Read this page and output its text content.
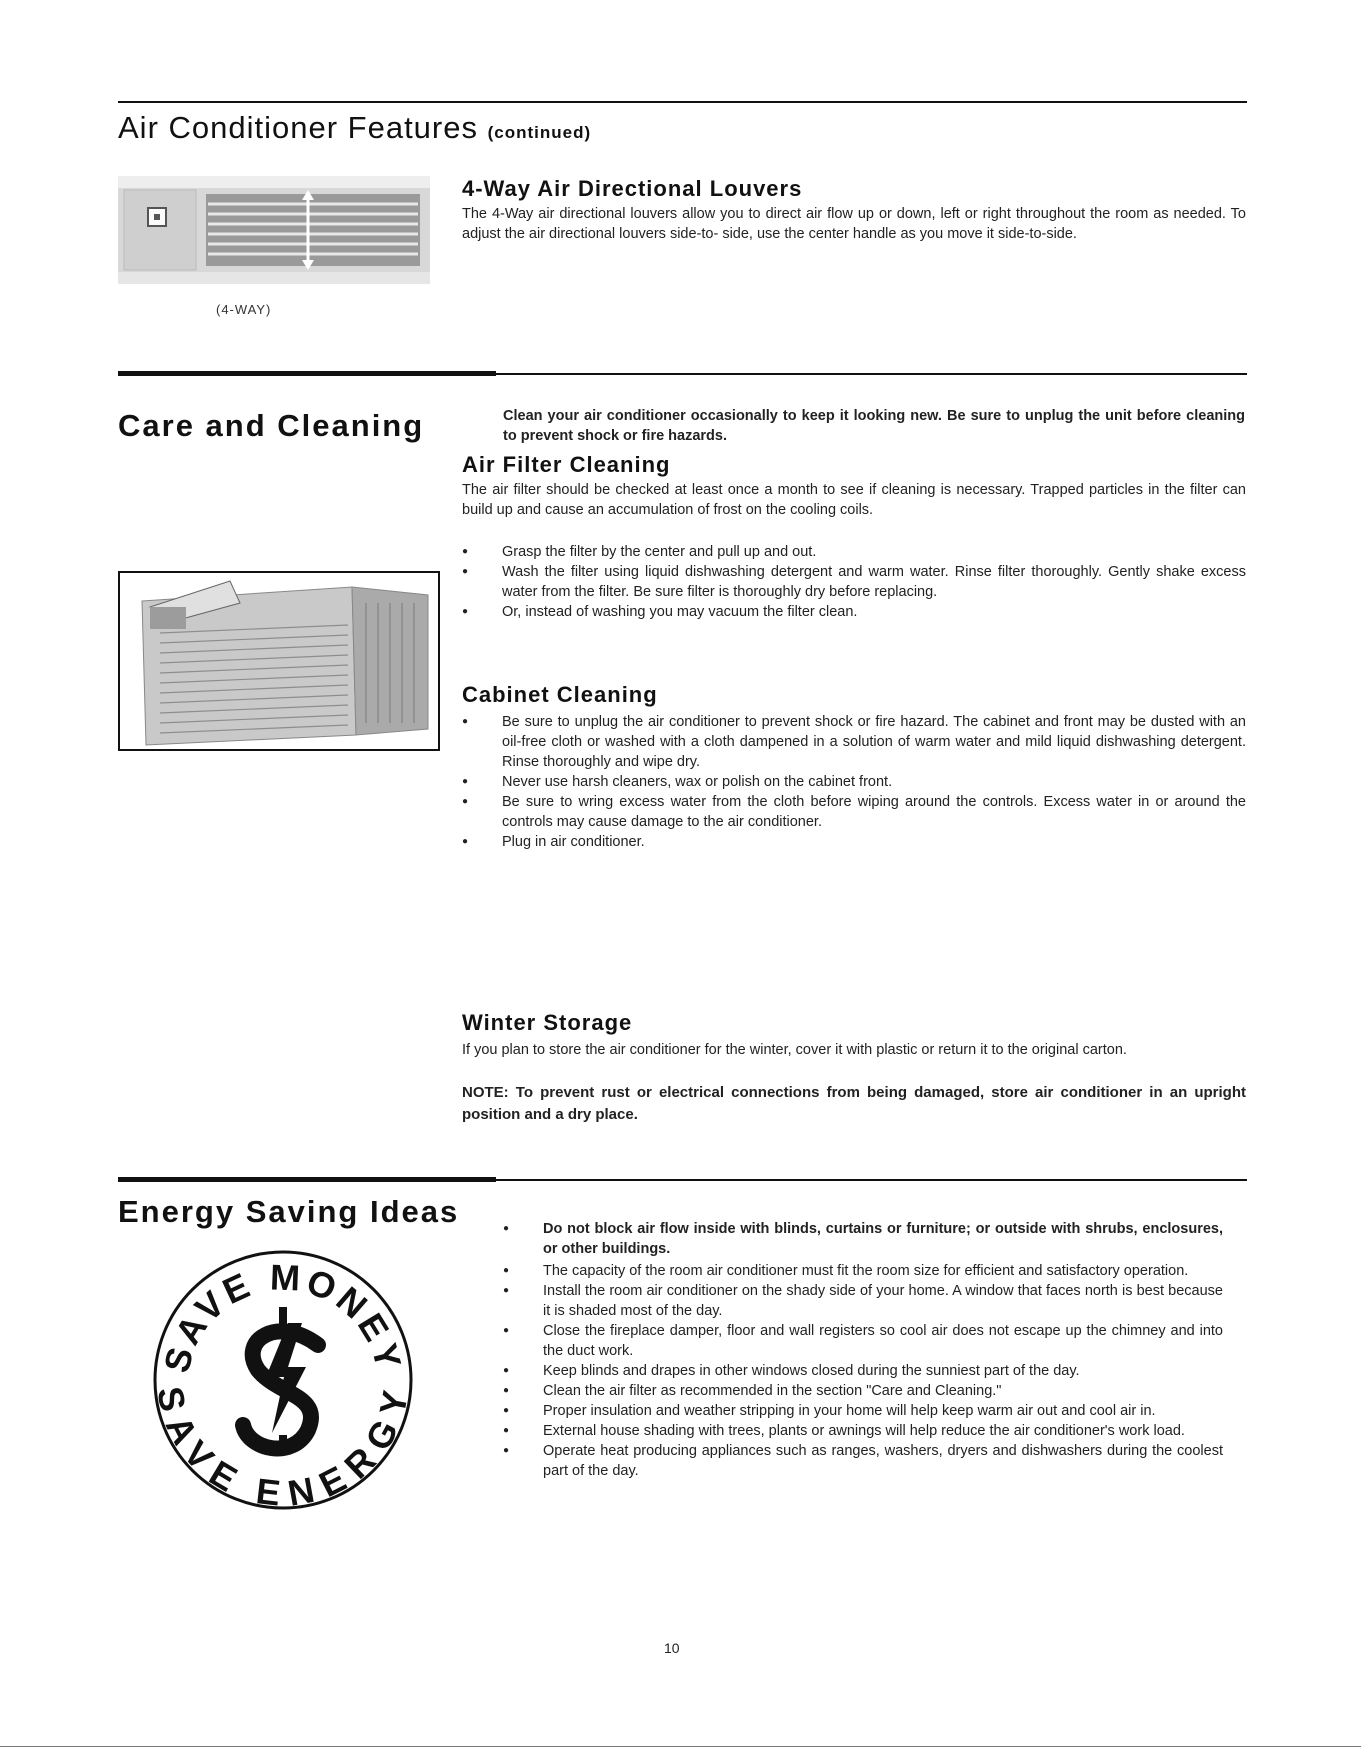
Air Conditioner Features (continued)
(4-WAY)
4-Way Air Directional Louvers
The 4-Way air directional louvers allow you to direct air flow up or down, left or right throughout the room as needed. To adjust the air directional louvers side-to- side, use the center handle as you move it side-to-side.
Care and Cleaning	Clean your air conditioner occasionally to keep it looking new. Be sure to unplug the unit before cleaning to prevent shock or fire hazards.
Air Filter Cleaning
The air filter should be checked at least once a month to see if cleaning is necessary. Trapped particles in the filter can build up and cause an accumulation of frost on the cooling coils.
● Grasp the filter by the center and pull up and out.
● Wash the filter using liquid dishwashing detergent and warm water. Rinse filter thoroughly. Gently shake excess water from the filter. Be sure filter is thoroughly dry before replacing.
● Or, instead of washing you may vacuum the filter clean.
Cabinet Cleaning
● Be sure to unplug the air conditioner to prevent shock or fire hazard. The cabinet and front may be dusted with an oil-free cloth or washed with a cloth dampened in a solution of warm water and mild liquid dishwashing detergent. Rinse thoroughly and wipe dry.
● Never use harsh cleaners, wax or polish on the cabinet front.
● Be sure to wring excess water from the cloth before wiping around the controls. Excess water in or around the controls may cause damage to the air conditioner.
● Plug in air conditioner.
Winter Storage
If you plan to store the air conditioner for the winter, cover it with plastic or return it to the original carton.
NOTE: To prevent rust or electrical connections from being damaged, store air conditioner in an upright position and a dry place.
Energy Saving Ideas
SAVE MONEY
SAVE ENERGY
● Do not block air flow inside with blinds, curtains or furniture; or outside with shrubs, enclosures, or other buildings.
● The capacity of the room air conditioner must fit the room size for efficient and satisfactory operation.
● Install the room air conditioner on the shady side of your home. A window that faces north is best because it is shaded most of the day.
● Close the fireplace damper, floor and wall registers so cool air does not escape up the chimney and into the duct work.
● Keep blinds and drapes in other windows closed during the sunniest part of the day.
● Clean the air filter as recommended in the section "Care and Cleaning."
● Proper insulation and weather stripping in your home will help keep warm air out and cool air in.
● External house shading with trees, plants or awnings will help reduce the air conditioner's work load.
● Operate heat producing appliances such as ranges, washers, dryers and dishwashers during the coolest part of the day.
10
